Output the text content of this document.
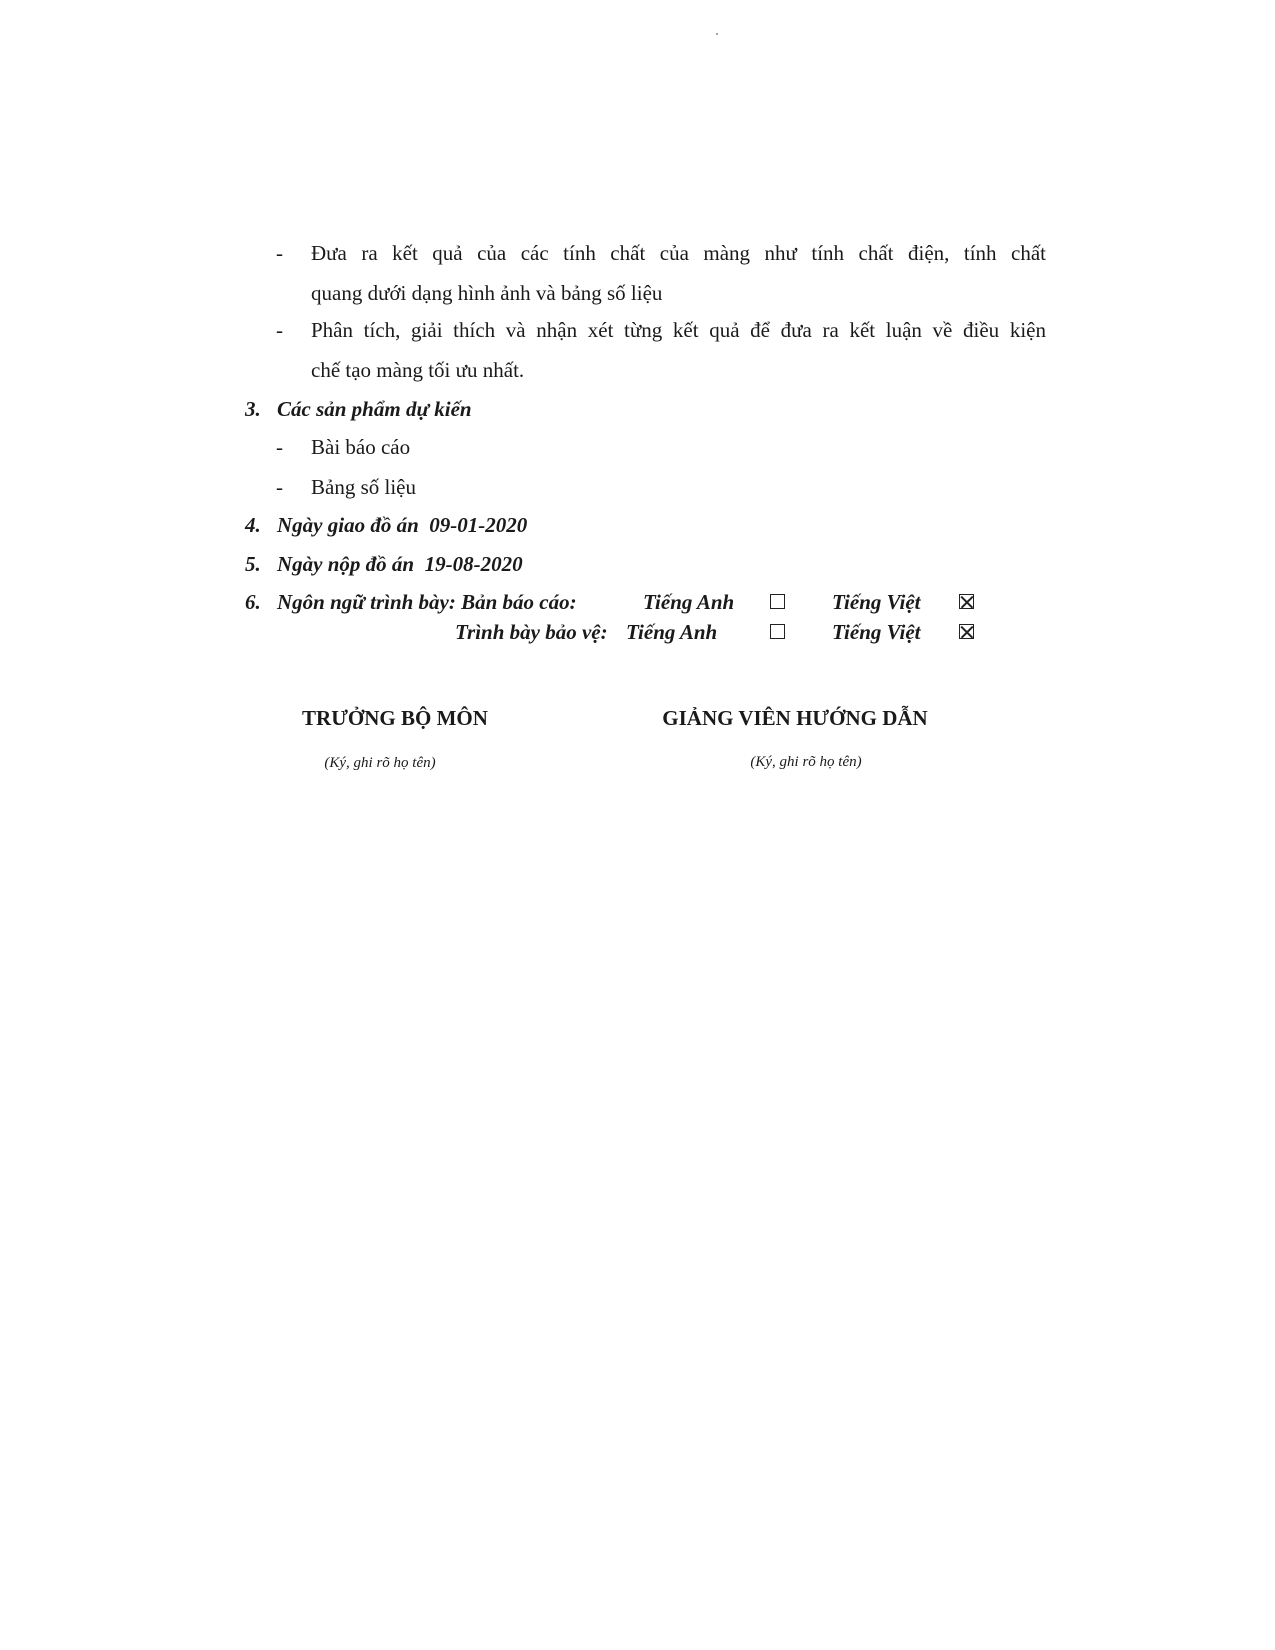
- Đưa ra kết quả của các tính chất của màng như tính chất điện, tính chất
quang dưới dạng hình ảnh và bảng số liệu
- Phân tích, giải thích và nhận xét từng kết quả để đưa ra kết luận về điều kiện
chế tạo màng tối ưu nhất.
3. Các sản phẩm dự kiến
- Bài báo cáo
- Bảng số liệu
4. Ngày giao đồ án  09-01-2020
5. Ngày nộp đồ án  19-08-2020
6. Ngôn ngữ trình bày: Bản báo cáo:	Tiếng Anh	Tiếng Việt
Trình bày bảo vệ: Tiếng Anh	Tiếng Việt
TRƯỞNG BỘ MÔN
(Ký, ghi rõ họ tên)
GIẢNG VIÊN HƯỚNG DẪN
(Ký, ghi rõ họ tên)
